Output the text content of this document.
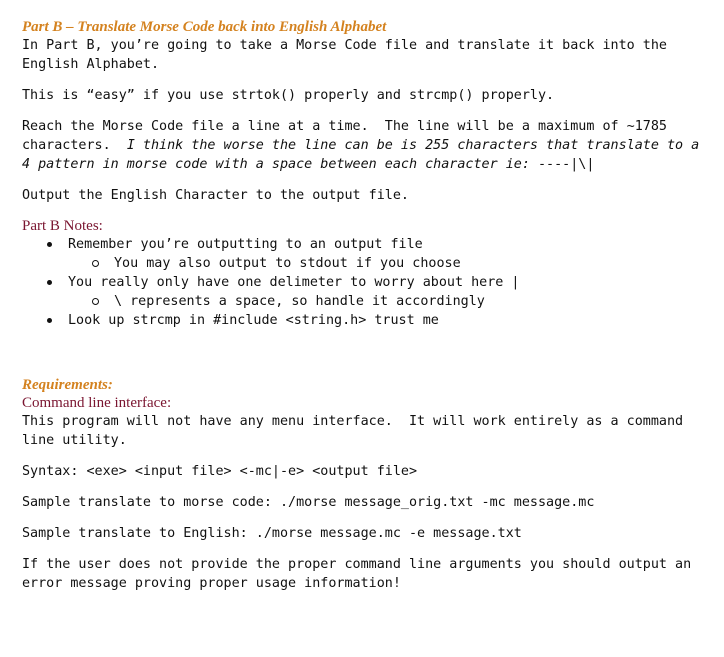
Part B – Translate Morse Code back into English Alphabet

In Part B, you’re going to take a Morse Code file and translate it back into the English Alphabet.

This is “easy” if you use strtok() properly and strcmp() properly.

Reach the Morse Code file a line at a time.  The line will be a maximum of ~1785 characters.  I think the worse the line can be is 255 characters that translate to a 4 pattern in morse code with a space between each character ie: ----|\|

Output the English Character to the output file.

Part B Notes:

Remember you’re outputting to an output file
You may also output to stdout if you choose
You really only have one delimeter to worry about here |
\ represents a space, so handle it accordingly
Look up strcmp in #include <string.h> trust me

Requirements:

Command line interface:

This program will not have any menu interface.  It will work entirely as a command line utility.

Syntax: <exe> <input file> <-mc|-e> <output file>

Sample translate to morse code: ./morse message_orig.txt -mc message.mc

Sample translate to English: ./morse message.mc -e message.txt

If the user does not provide the proper command line arguments you should output an error message proving proper usage information!
